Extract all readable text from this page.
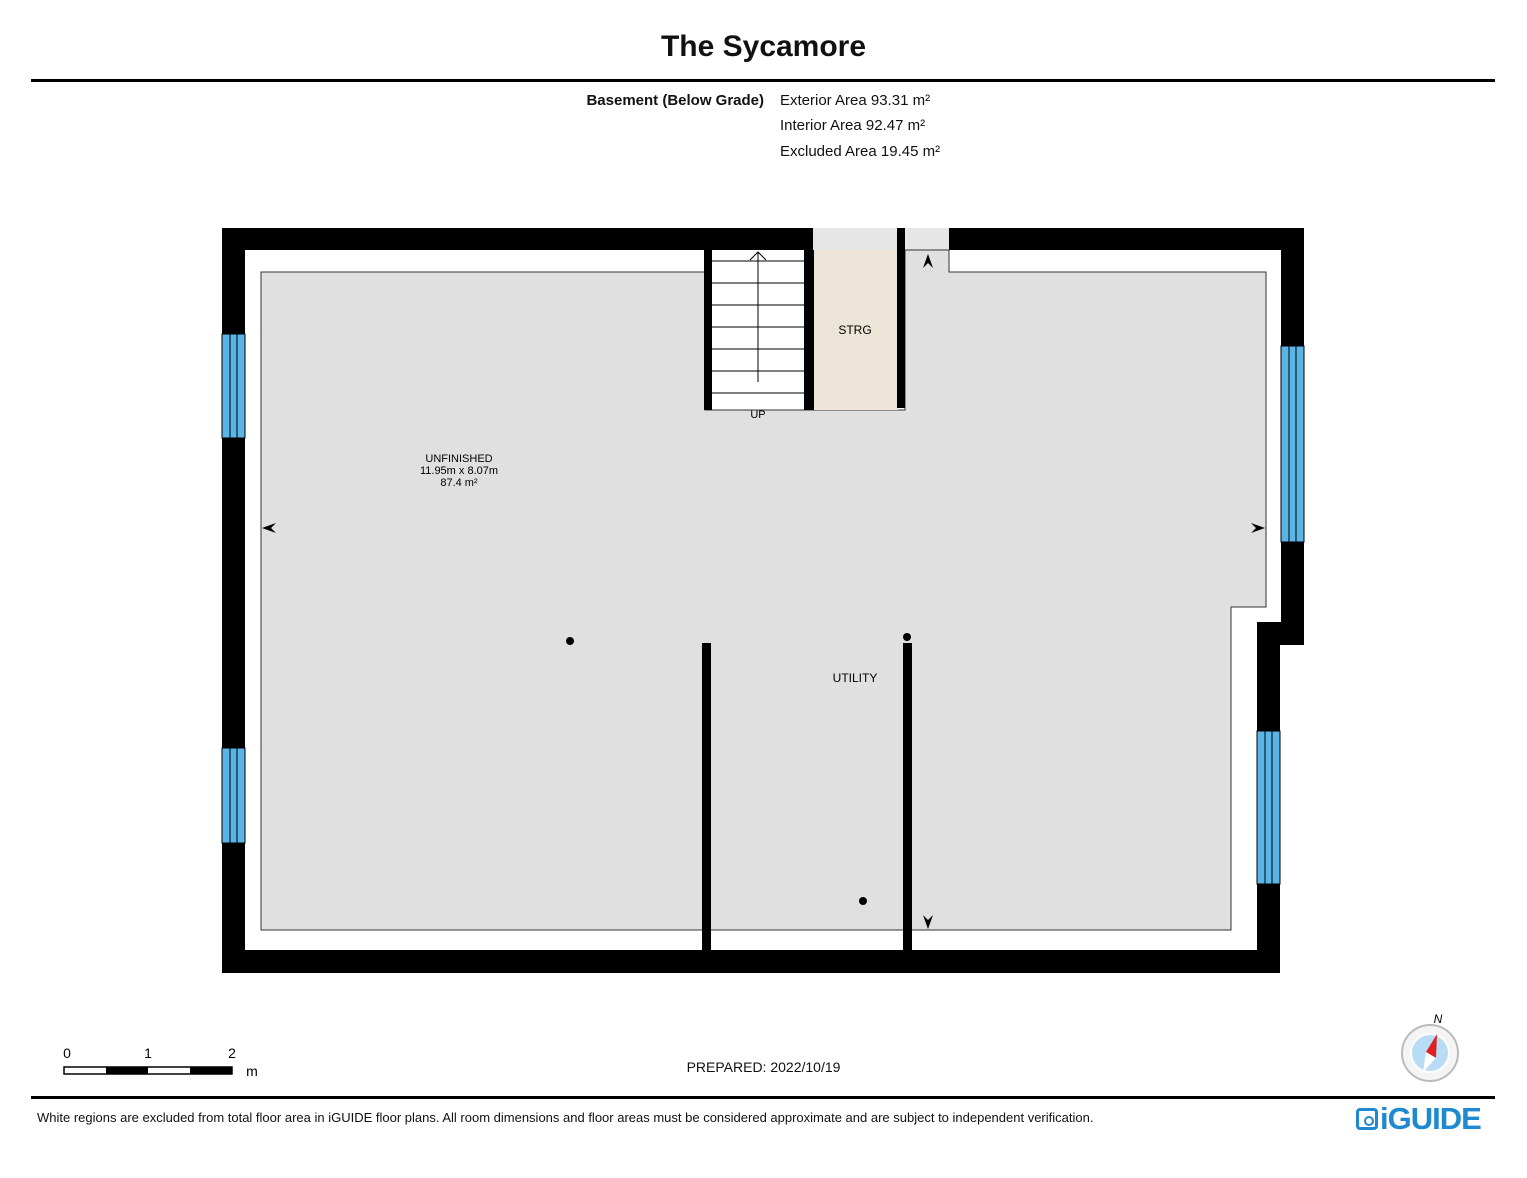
The Sycamore
Basement (Below Grade) Exterior Area 93.31 m²
Interior Area 92.47 m²
Excluded Area 19.45 m²
UNFINISHED
11.95m x 8.07m
87.4 m²
STRG
UTILITY
UP
0	1	2
m
N
PREPARED: 2022/10/19
White regions are excluded from total floor area in iGUIDE floor plans. All room dimensions and floor areas must be considered approximate and are subject to independent verification.	iGUIDE
